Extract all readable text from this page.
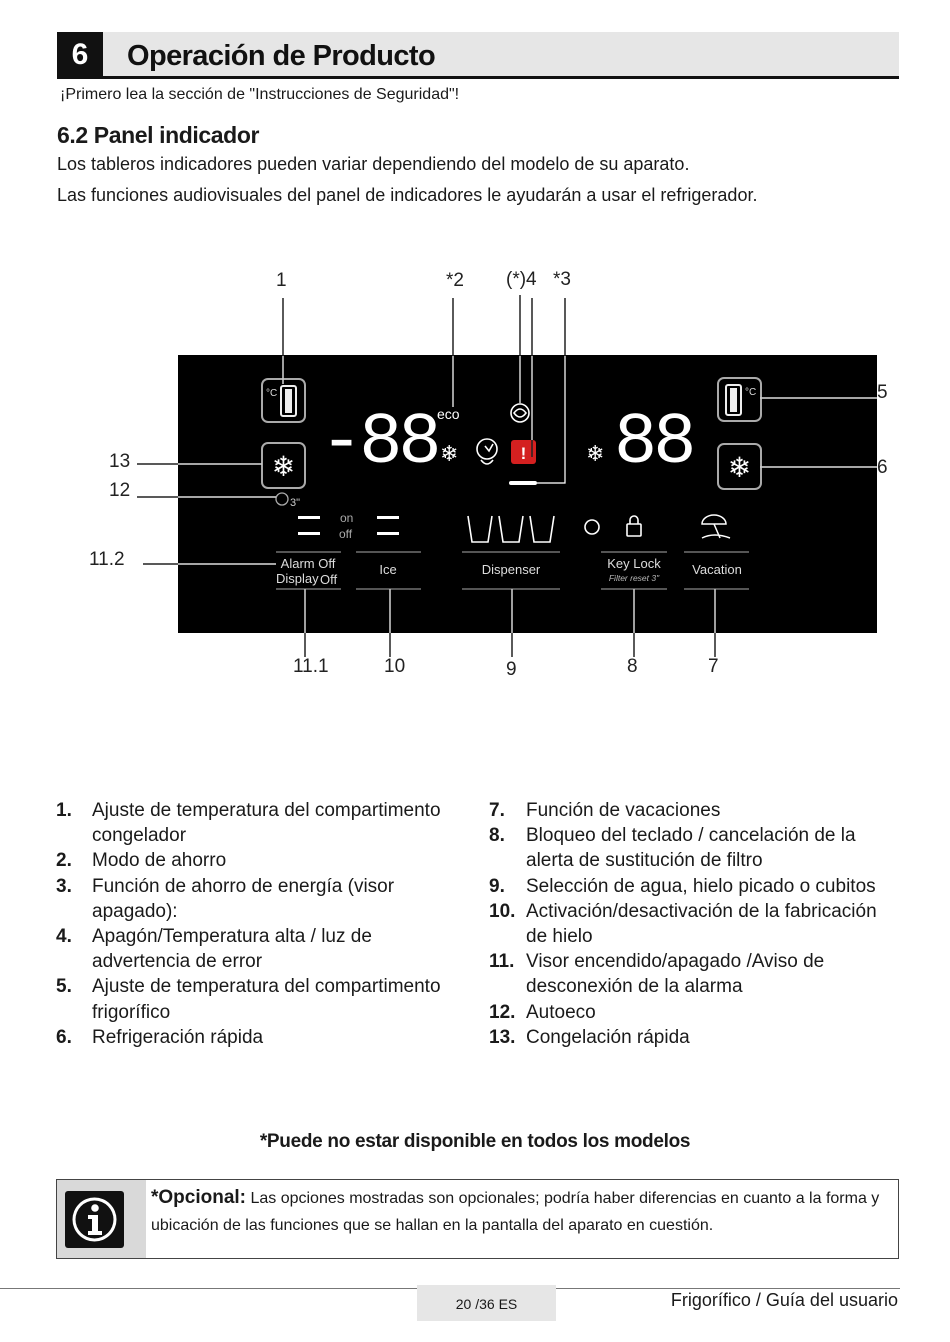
6	Operación de Producto
¡Primero lea la sección de "Instrucciones de Seguridad"!
6.2 Panel indicador
Los tableros indicadores pueden variar dependiendo del modelo de su aparato.
Las funciones audiovisuales del panel de indicadores le ayudarán a usar el refrigerador.
1	*2 (*)4 *3
5
6
13
12
11.2
11.1	10	9	8	7
°C	°C
❄	❄
-88 88
eco
❄	❄
!
3"
on
off
Alarm Off
Display Off
Ice	Dispenser	Key Lock
Filter reset 3"
Vacation
1. Ajuste de temperatura del compartimento congelador
2. Modo de ahorro
3. Función de ahorro de energía (visor apagado):
4. Apagón/Temperatura alta / luz de advertencia de error
5. Ajuste de temperatura del compartimento frigorífico
6. Refrigeración rápida
7. Función de vacaciones
8. Bloqueo del teclado / cancelación de la alerta de sustitución de filtro
9. Selección de agua, hielo picado o cubitos
10. Activación/desactivación de la fabricación de hielo
11. Visor encendido/apagado /Aviso de desconexión de la alarma
12. Autoeco
13. Congelación rápida
*Puede no estar disponible en todos los modelos
*Opcional: Las opciones mostradas son opcionales; podría haber diferencias en cuanto a la forma y ubicación de las funciones que se hallan en la pantalla del aparato en cuestión.
20 /36 ES	Frigorífico / Guía del usuario
